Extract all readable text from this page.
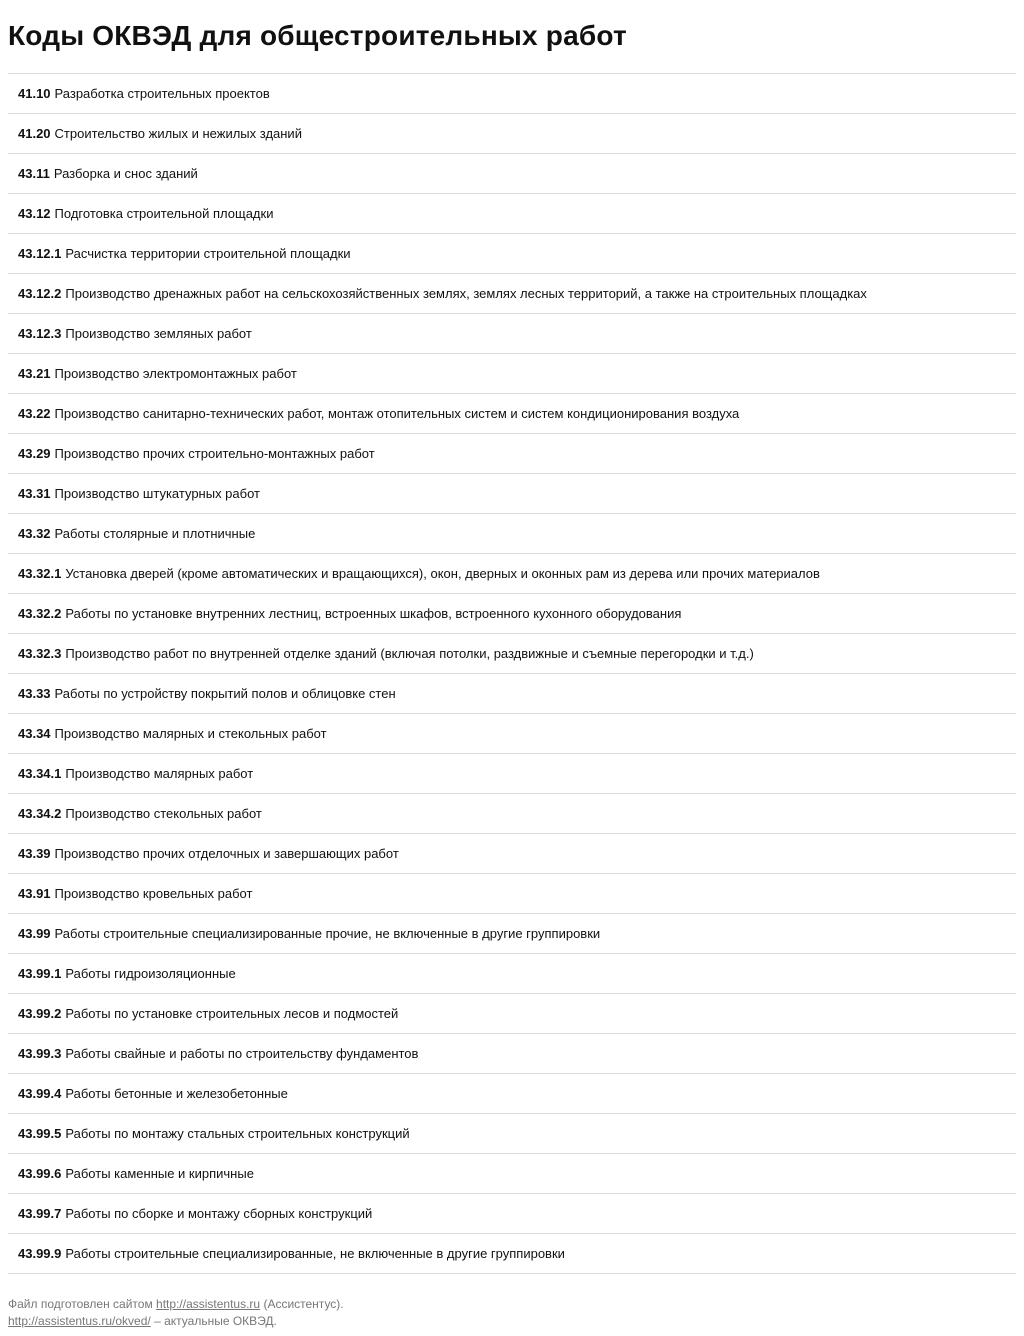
Коды ОКВЭД для общестроительных работ
41.10 Разработка строительных проектов
41.20 Строительство жилых и нежилых зданий
43.11 Разборка и снос зданий
43.12 Подготовка строительной площадки
43.12.1 Расчистка территории строительной площадки
43.12.2 Производство дренажных работ на сельскохозяйственных землях, землях лесных территорий, а также на строительных площадках
43.12.3 Производство земляных работ
43.21 Производство электромонтажных работ
43.22 Производство санитарно-технических работ, монтаж отопительных систем и систем кондиционирования воздуха
43.29 Производство прочих строительно-монтажных работ
43.31 Производство штукатурных работ
43.32 Работы столярные и плотничные
43.32.1 Установка дверей (кроме автоматических и вращающихся), окон, дверных и оконных рам из дерева или прочих материалов
43.32.2 Работы по установке внутренних лестниц, встроенных шкафов, встроенного кухонного оборудования
43.32.3 Производство работ по внутренней отделке зданий (включая потолки, раздвижные и съемные перегородки и т.д.)
43.33 Работы по устройству покрытий полов и облицовке стен
43.34 Производство малярных и стекольных работ
43.34.1 Производство малярных работ
43.34.2 Производство стекольных работ
43.39 Производство прочих отделочных и завершающих работ
43.91 Производство кровельных работ
43.99 Работы строительные специализированные прочие, не включенные в другие группировки
43.99.1 Работы гидроизоляционные
43.99.2 Работы по установке строительных лесов и подмостей
43.99.3 Работы свайные и работы по строительству фундаментов
43.99.4 Работы бетонные и железобетонные
43.99.5 Работы по монтажу стальных строительных конструкций
43.99.6 Работы каменные и кирпичные
43.99.7 Работы по сборке и монтажу сборных конструкций
43.99.9 Работы строительные специализированные, не включенные в другие группировки
Файл подготовлен сайтом http://assistentus.ru (Ассистентус).
http://assistentus.ru/okved/ – актуальные ОКВЭД.
